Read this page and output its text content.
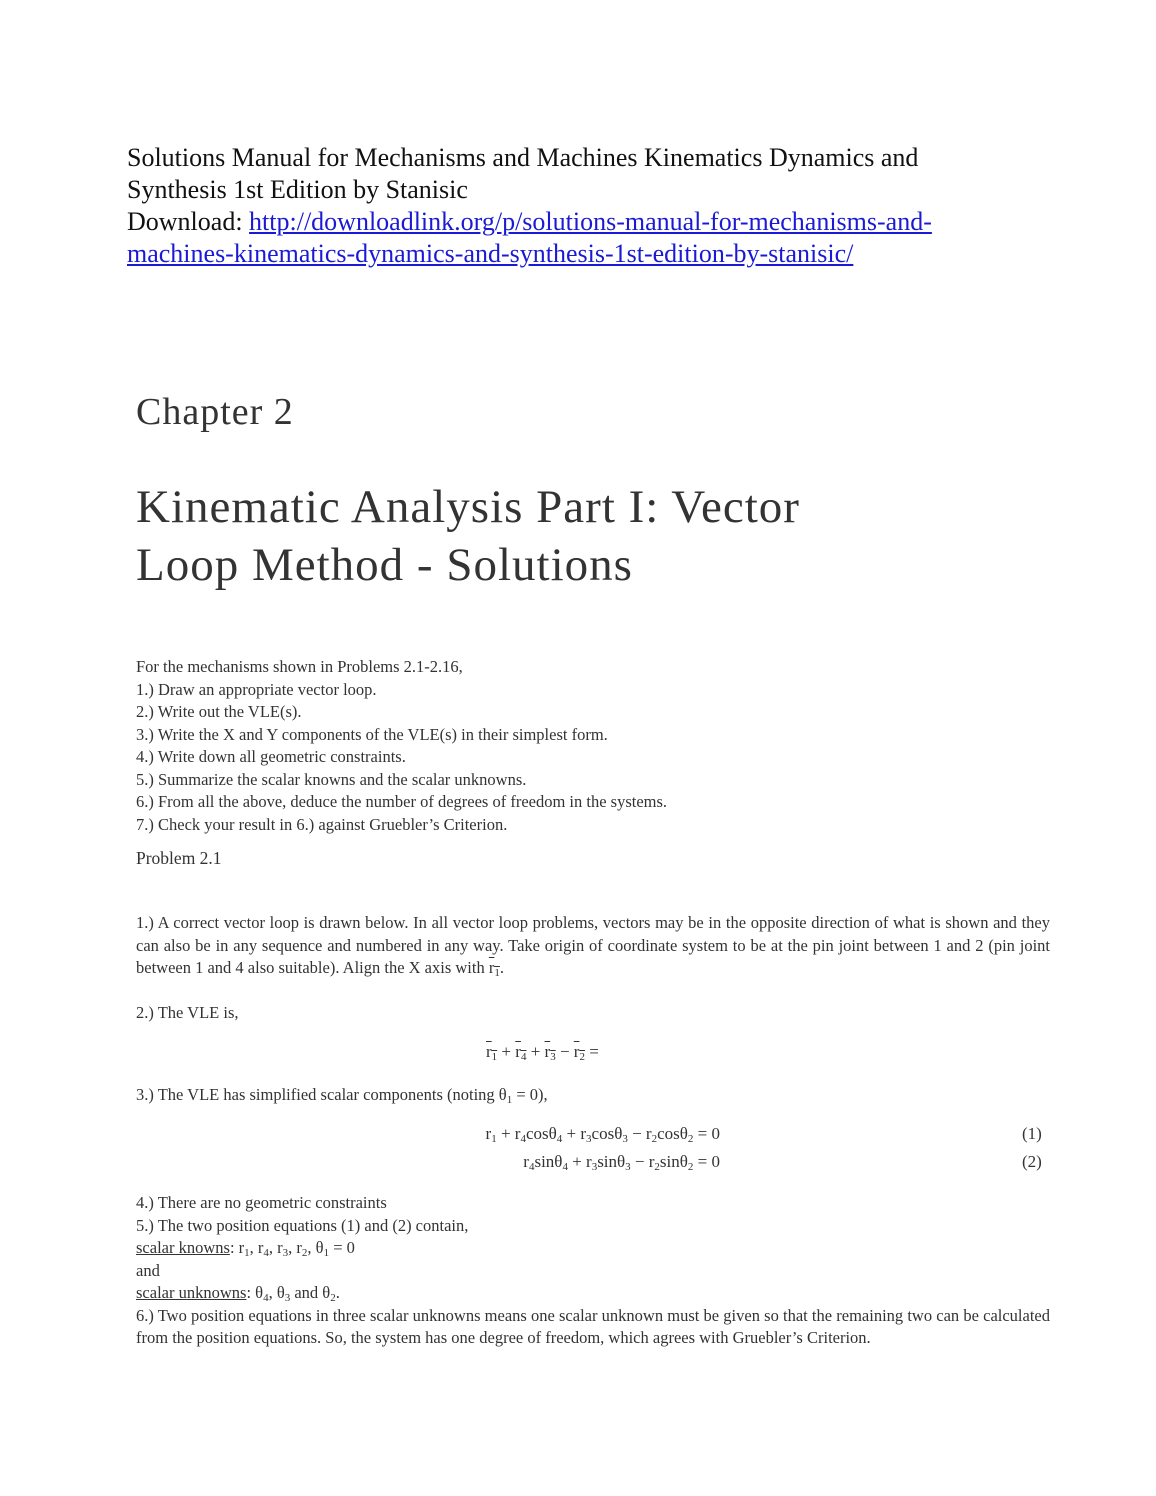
Solutions Manual for Mechanisms and Machines Kinematics Dynamics and
Synthesis 1st Edition by Stanisic
Download: http://downloadlink.org/p/solutions-manual-for-mechanisms-and-
machines-kinematics-dynamics-and-synthesis-1st-edition-by-stanisic/
Chapter 2
Kinematic Analysis Part I: Vector
Loop Method - Solutions
For the mechanisms shown in Problems 2.1-2.16,
1.) Draw an appropriate vector loop.
2.) Write out the VLE(s).
3.) Write the X and Y components of the VLE(s) in their simplest form.
4.) Write down all geometric constraints.
5.) Summarize the scalar knowns and the scalar unknowns.
6.) From all the above, deduce the number of degrees of freedom in the systems.
7.) Check your result in 6.) against Gruebler’s Criterion.
Problem 2.1
1.) A correct vector loop is drawn below. In all vector loop problems, vectors may be in the opposite direction of what is shown and they can also be in any sequence and numbered in any way. Take origin of coordinate system to be at the pin joint between 1 and 2 (pin joint between 1 and 4 also suitable). Align the X axis with $r_1$.
2.) The VLE is,
$r_1 + r_4 + r_3 - r_2$ =
3.) The VLE has simplified scalar components (noting $\theta_1 = 0$),
$r_1 + r_4\cos\theta_4 + r_3\cos\theta_3 - r_2\cos\theta_2 = 0$	(1)
$r_4\sin\theta_4 + r_3\sin\theta_3 - r_2\sin\theta_2 = 0$	(2)
4.) There are no geometric constraints
5.) The two position equations (1) and (2) contain,
scalar knowns: $r_1$, $r_4$, $r_3$, $r_2$, $\theta_1 = 0$
and
scalar unknowns: $\theta_4$, $\theta_3$ and $\theta_2$.
6.) Two position equations in three scalar unknowns means one scalar unknown must be given so that the remaining two can be calculated from the position equations. So, the system has one degree of freedom, which agrees with Gruebler’s Criterion.
